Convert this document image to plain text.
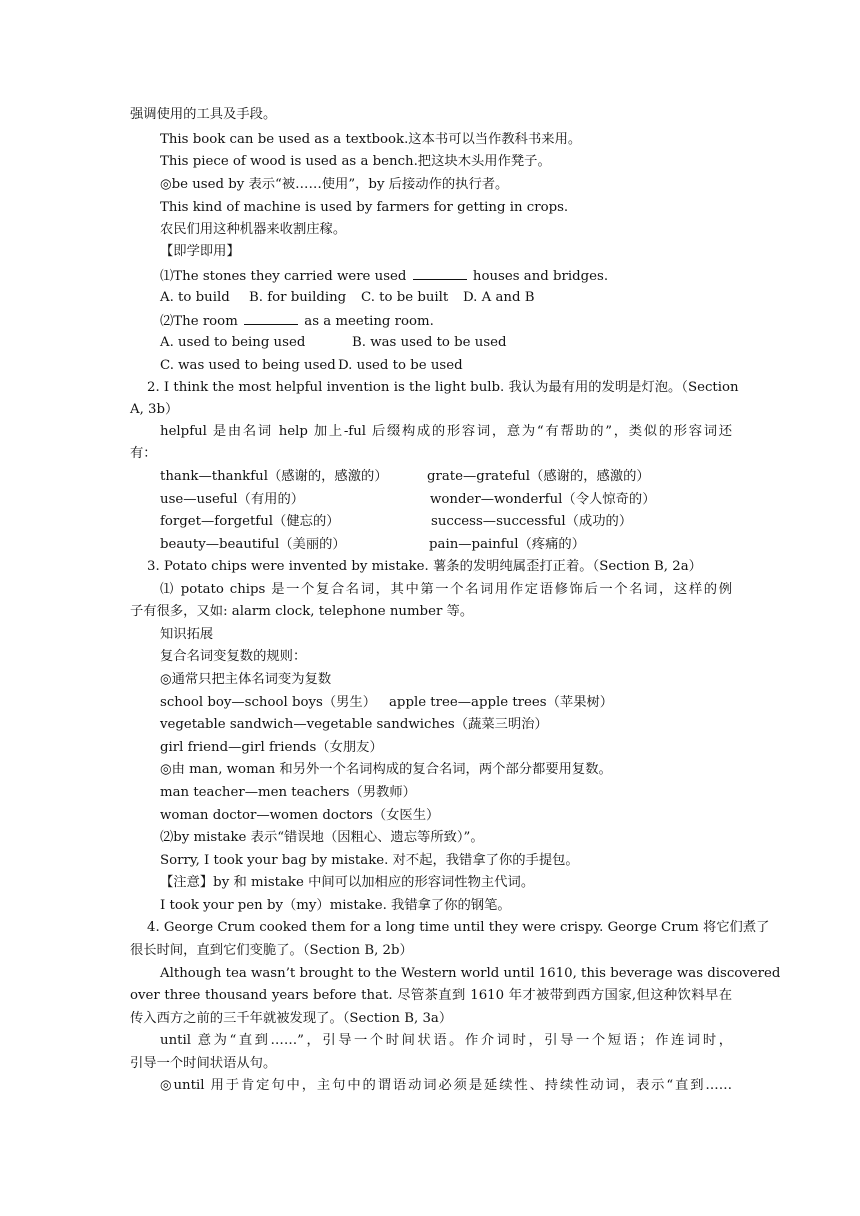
强调使用的工具及手段。
This book can be used as a textbook.这本书可以当作教科书来用。
This piece of wood is used as a bench.把这块木头用作凳子。
◎be used by 表示“被……使用”，by 后接动作的执行者。
This kind of machine is used by farmers for getting in crops.
农民们用这种机器来收割庄稼。
【即学即用】
⑴The stones they carried were used	houses and bridges.
A. to build B. for building C. to be built D. A and B
⑵The room	as a meeting room.
A. used to being used	B. was used to be used
C. was used to being used D. used to be used
2. I think the most helpful invention is the light bulb. 我认为最有用的发明是灯泡。（Section
A, 3b）
helpful 是由名词 help 加上-ful 后缀构成的形容词，意为“有帮助的”，类似的形容词还
有：
thank—thankful（感谢的，感激的）	grate—grateful（感谢的，感激的）
use—useful（有用的）	wonder—wonderful（令人惊奇的）
forget—forgetful（健忘的）	success—successful（成功的）
beauty—beautiful（美丽的）	pain—painful（疼痛的）
3. Potato chips were invented by mistake. 薯条的发明纯属歪打正着。（Section B, 2a）
⑴ potato chips 是一个复合名词，其中第一个名词用作定语修饰后一个名词，这样的例
子有很多，又如: alarm clock, telephone number 等。
知识拓展
复合名词变复数的规则：
◎通常只把主体名词变为复数
school boy—school boys（男生） apple tree—apple trees（苹果树）
vegetable sandwich—vegetable sandwiches（蔬菜三明治）
girl friend—girl friends（女朋友）
◎由 man, woman 和另外一个名词构成的复合名词，两个部分都要用复数。
man teacher—men teachers（男教师）
woman doctor—women doctors（女医生）
⑵by mistake 表示“错误地（因粗心、遗忘等所致）”。
Sorry, I took your bag by mistake. 对不起，我错拿了你的手提包。
【注意】by 和 mistake 中间可以加相应的形容词性物主代词。
I took your pen by（my）mistake. 我错拿了你的钢笔。
4. George Crum cooked them for a long time until they were crispy. George Crum 将它们煮了
很长时间，直到它们变脆了。（Section B, 2b）
Although tea wasn’t brought to the Western world until 1610, this beverage was discovered
over three thousand years before that. 尽管茶直到 1610 年才被带到西方国家,但这种饮料早在
传入西方之前的三千年就被发现了。（Section B, 3a）
until 意为“直到……”，引导一个时间状语。作介词时，引导一个短语；作连词时，
引导一个时间状语从句。
◎until 用于肯定句中，主句中的谓语动词必须是延续性、持续性动词，表示“直到……
